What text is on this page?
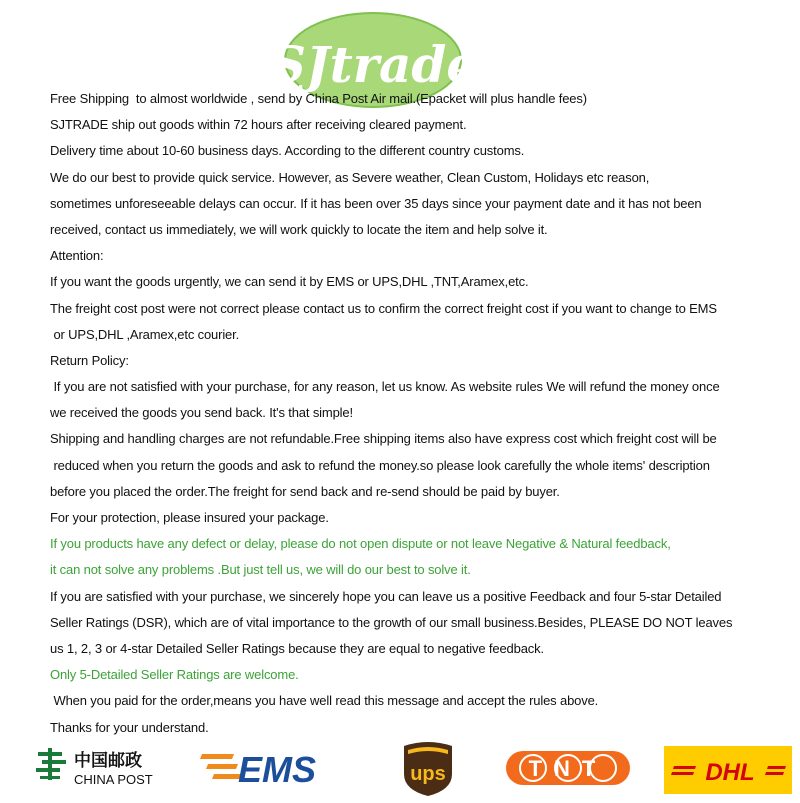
SJtrade
Free Shipping  to almost worldwide , send by China Post Air mail.(Epacket will plus handle fees)
SJTRADE ship out goods within 72 hours after receiving cleared payment.
Delivery time about 10-60 business days. According to the different country customs.
We do our best to provide quick service. However, as Severe weather, Clean Custom, Holidays etc reason,
sometimes unforeseeable delays can occur. If it has been over 35 days since your payment date and it has not been
received, contact us immediately, we will work quickly to locate the item and help solve it.
Attention:
If you want the goods urgently, we can send it by EMS or UPS,DHL ,TNT,Aramex,etc.
The freight cost post were not correct please contact us to confirm the correct freight cost if you want to change to EMS
or UPS,DHL ,Aramex,etc courier.
Return Policy:
If you are not satisfied with your purchase, for any reason, let us know. As website rules We will refund the money once
we received the goods you send back. It's that simple!
Shipping and handling charges are not refundable.Free shipping items also have express cost which freight cost will be
reduced when you return the goods and ask to refund the money.so please look carefully the whole items' description
before you placed the order.The freight for send back and re-send should be paid by buyer.
For your protection, please insured your package.
If you products have any defect or delay, please do not open dispute or not leave Negative & Natural feedback,
it can not solve any problems .But just tell us, we will do our best to solve it.
If you are satisfied with your purchase, we sincerely hope you can leave us a positive Feedback and four 5-star Detailed
Seller Ratings (DSR), which are of vital importance to the growth of our small business.Besides, PLEASE DO NOT leaves
us 1, 2, 3 or 4-star Detailed Seller Ratings because they are equal to negative feedback.
Only 5-Detailed Seller Ratings are welcome.
When you paid for the order,means you have well read this message and accept the rules above.
Thanks for your understand.
中国邮政
CHINA POST EMS	ups	TNT	DHL
